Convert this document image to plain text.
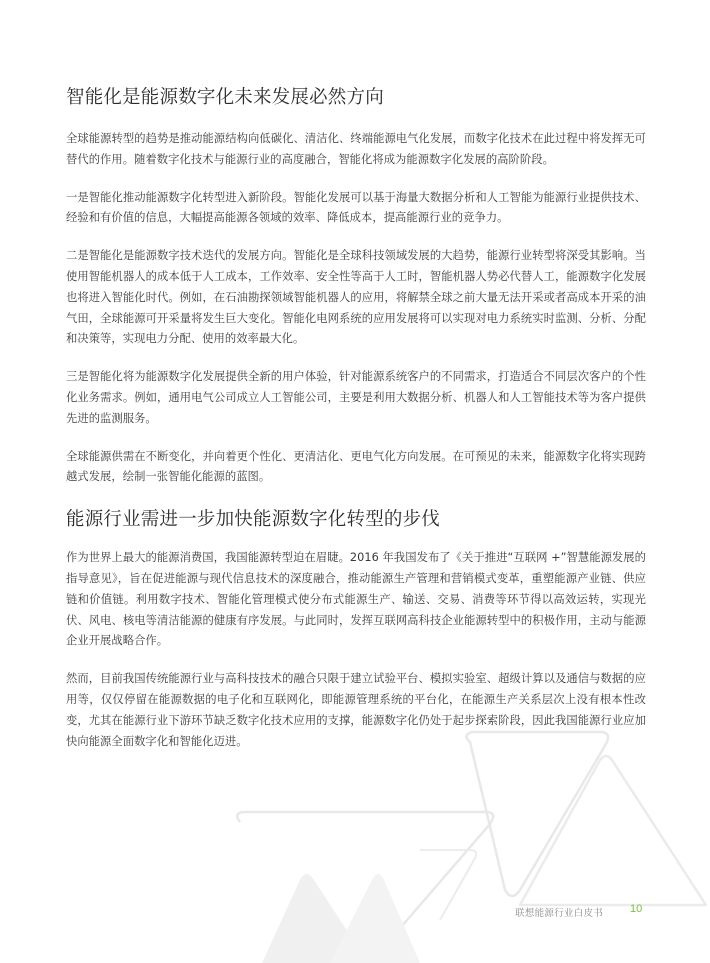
智能化是能源数字化未来发展必然方向

全球能源转型的趋势是推动能源结构向低碳化、清洁化、终端能源电气化发展，而数字化技术在此过程中将发挥无可替代的作用。随着数字化技术与能源行业的高度融合，智能化将成为能源数字化发展的高阶阶段。

一是智能化推动能源数字化转型进入新阶段。智能化发展可以基于海量大数据分析和人工智能为能源行业提供技术、经验和有价值的信息，大幅提高能源各领域的效率、降低成本，提高能源行业的竞争力。

二是智能化是能源数字技术迭代的发展方向。智能化是全球科技领域发展的大趋势，能源行业转型将深受其影响。当使用智能机器人的成本低于人工成本，工作效率、安全性等高于人工时，智能机器人势必代替人工，能源数字化发展也将进入智能化时代。例如，在石油勘探领域智能机器人的应用，将解禁全球之前大量无法开采或者高成本开采的油气田，全球能源可开采量将发生巨大变化。智能化电网系统的应用发展将可以实现对电力系统实时监测、分析、分配和决策等，实现电力分配、使用的效率最大化。

三是智能化将为能源数字化发展提供全新的用户体验，针对能源系统客户的不同需求，打造适合不同层次客户的个性化业务需求。例如，通用电气公司成立人工智能公司，主要是利用大数据分析、机器人和人工智能技术等为客户提供先进的监测服务。

全球能源供需在不断变化，并向着更个性化、更清洁化、更电气化方向发展。在可预见的未来，能源数字化将实现跨越式发展，绘制一张智能化能源的蓝图。

能源行业需进一步加快能源数字化转型的步伐

作为世界上最大的能源消费国，我国能源转型迫在眉睫。2016 年我国发布了《关于推进“互联网 +”智慧能源发展的指导意见》，旨在促进能源与现代信息技术的深度融合，推动能源生产管理和营销模式变革，重塑能源产业链、供应链和价值链。利用数字技术、智能化管理模式使分布式能源生产、输送、交易、消费等环节得以高效运转，实现光伏、风电、核电等清洁能源的健康有序发展。与此同时，发挥互联网高科技企业能源转型中的积极作用，主动与能源企业开展战略合作。

然而，目前我国传统能源行业与高科技技术的融合只限于建立试验平台、模拟实验室、超级计算以及通信与数据的应用等，仅仅停留在能源数据的电子化和互联网化，即能源管理系统的平台化，在能源生产关系层次上没有根本性改变，尤其在能源行业下游环节缺乏数字化技术应用的支撑，能源数字化仍处于起步探索阶段，因此我国能源行业应加快向能源全面数字化和智能化迈进。

联想能源行业白皮书 10
